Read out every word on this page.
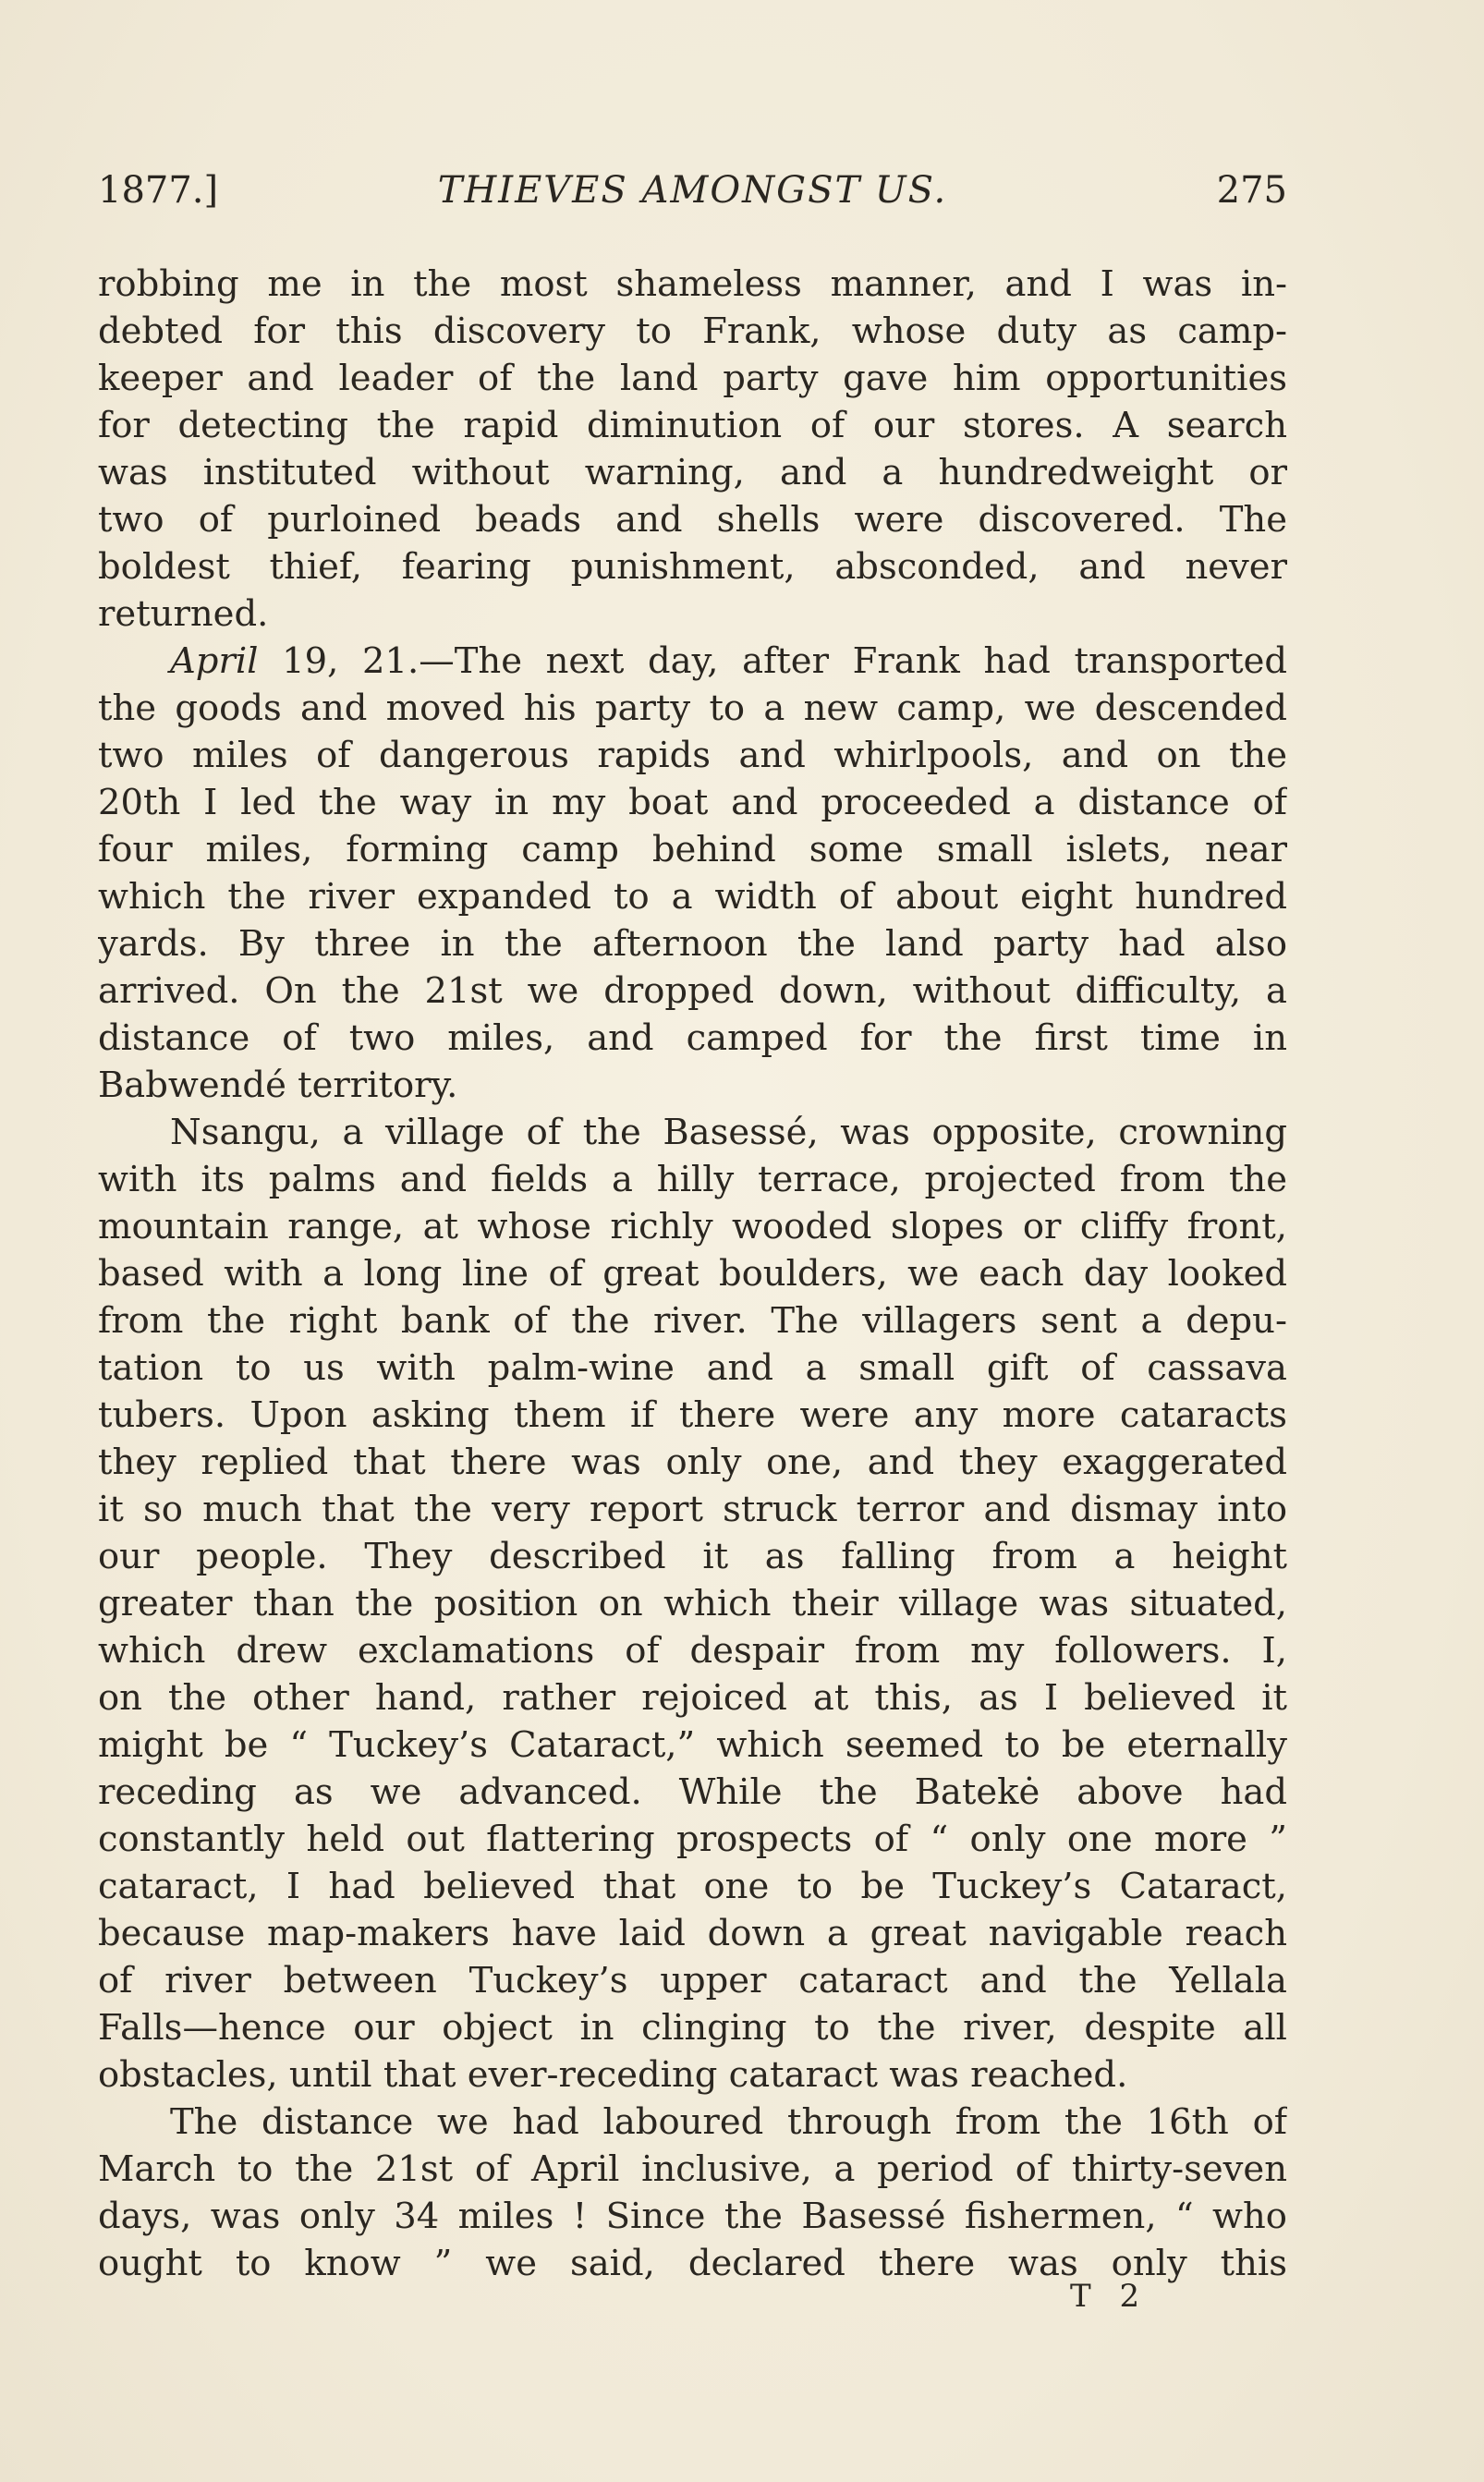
1877.]	THIEVES AMONGST US.	275
robbing me in the most shameless manner, and I was in-
debted for this discovery to Frank, whose duty as camp-
keeper and leader of the land party gave him opportunities
for detecting the rapid diminution of our stores. A search
was instituted without warning, and a hundredweight or
two of purloined beads and shells were discovered. The
boldest thief, fearing punishment, absconded, and never
returned.
April 19, 21.—The next day, after Frank had transported
the goods and moved his party to a new camp, we descended
two miles of dangerous rapids and whirlpools, and on the
20th I led the way in my boat and proceeded a distance of
four miles, forming camp behind some small islets, near
which the river expanded to a width of about eight hundred
yards. By three in the afternoon the land party had also
arrived. On the 21st we dropped down, without difficulty, a
distance of two miles, and camped for the first time in
Babwendé territory.
Nsangu, a village of the Basessé, was opposite, crowning
with its palms and fields a hilly terrace, projected from the
mountain range, at whose richly wooded slopes or cliffy front,
based with a long line of great boulders, we each day looked
from the right bank of the river. The villagers sent a depu-
tation to us with palm-wine and a small gift of cassava
tubers. Upon asking them if there were any more cataracts
they replied that there was only one, and they exaggerated
it so much that the very report struck terror and dismay into
our people. They described it as falling from a height
greater than the position on which their village was situated,
which drew exclamations of despair from my followers. I,
on the other hand, rather rejoiced at this, as I believed it
might be “ Tuckey’s Cataract,” which seemed to be eternally
receding as we advanced. While the Batekė above had
constantly held out flattering prospects of “ only one more ”
cataract, I had believed that one to be Tuckey’s Cataract,
because map-makers have laid down a great navigable reach
of river between Tuckey’s upper cataract and the Yellala
Falls—hence our object in clinging to the river, despite all
obstacles, until that ever-receding cataract was reached.
The distance we had laboured through from the 16th of
March to the 21st of April inclusive, a period of thirty-seven
days, was only 34 miles ! Since the Basessé fishermen, “ who
ought to know ” we said, declared there was only this
T 2
